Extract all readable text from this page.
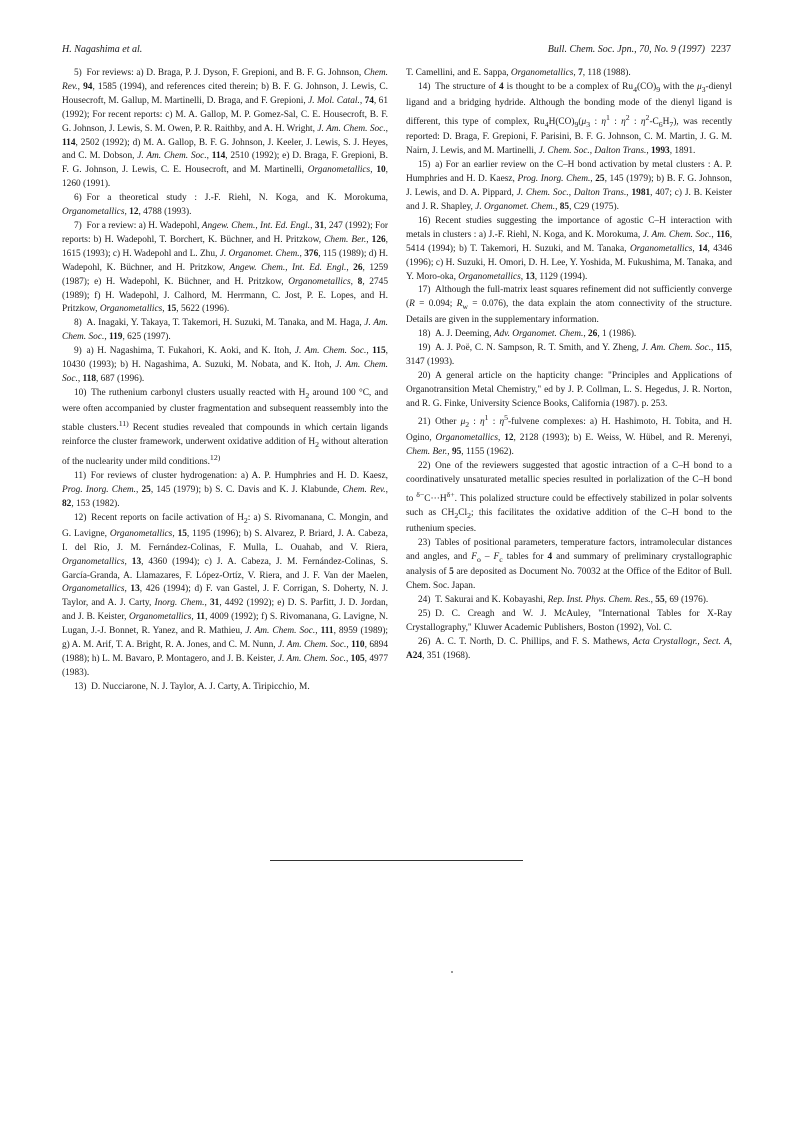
H. Nagashima et al.	Bull. Chem. Soc. Jpn., 70, No. 9 (1997) 2237

5) For reviews: a) D. Braga, P. J. Dyson, F. Grepioni, and B. F. G. Johnson, Chem. Rev., 94, 1585 (1994), and references cited therein; b) B. F. G. Johnson, J. Lewis, C. Housecroft, M. Gallup, M. Martinelli, D. Braga, and F. Grepioni, J. Mol. Catal., 74, 61 (1992); For recent reports: c) M. A. Gallop, M. P. Gomez-Sal, C. E. Housecroft, B. F. G. Johnson, J. Lewis, S. M. Owen, P. R. Raithby, and A. H. Wright, J. Am. Chem. Soc., 114, 2502 (1992); d) M. A. Gallop, B. F. G. Johnson, J. Keeler, J. Lewis, S. J. Heyes, and C. M. Dobson, J. Am. Chem. Soc., 114, 2510 (1992); e) D. Braga, F. Grepioni, B. F. G. Johnson, J. Lewis, C. E. Housecroft, and M. Martinelli, Organometallics, 10, 1260 (1991).

6) For a theoretical study : J.-F. Riehl, N. Koga, and K. Morokuma, Organometallics, 12, 4788 (1993).

7) For a review: a) H. Wadepohl, Angew. Chem., Int. Ed. Engl., 31, 247 (1992); For reports: b) H. Wadepohl, T. Borchert, K. Büchner, and H. Pritzkow, Chem. Ber., 126, 1615 (1993); c) H. Wadepohl and L. Zhu, J. Organomet. Chem., 376, 115 (1989); d) H. Wadepohl, K. Büchner, and H. Pritzkow, Angew. Chem., Int. Ed. Engl., 26, 1259 (1987); e) H. Wadepohl, K. Büchner, and H. Pritzkow, Organometallics, 8, 2745 (1989); f) H. Wadepohl, J. Calhord, M. Herrmann, C. Jost, P. E. Lopes, and H. Pritzkow, Organometallics, 15, 5622 (1996).

8) A. Inagaki, Y. Takaya, T. Takemori, H. Suzuki, M. Tanaka, and M. Haga, J. Am. Chem. Soc., 119, 625 (1997).

9) a) H. Nagashima, T. Fukahori, K. Aoki, and K. Itoh, J. Am. Chem. Soc., 115, 10430 (1993); b) H. Nagashima, A. Suzuki, M. Nobata, and K. Itoh, J. Am. Chem. Soc., 118, 687 (1996).

10) The ruthenium carbonyl clusters usually reacted with $H_2$ around 100 °C, and were often accompanied by cluster fragmentation and subsequent reassembly into the stable clusters.$^{11)}$ Recent studies revealed that compounds in which certain ligands reinforce the cluster framework, underwent oxidative addition of $H_2$ without alteration of the nuclearity under mild conditions.$^{12)}$

11) For reviews of cluster hydrogenation: a) A. P. Humphries and H. D. Kaesz, Prog. Inorg. Chem., 25, 145 (1979); b) S. C. Davis and K. J. Klabunde, Chem. Rev., 82, 153 (1982).

12) Recent reports on facile activation of $H_2$: a) S. Rivomanana, C. Mongin, and G. Lavigne, Organometallics, 15, 1195 (1996); b) S. Alvarez, P. Briard, J. A. Cabeza, I. del Rio, J. M. Fernández-Colinas, F. Mulla, L. Ouahab, and V. Riera, Organometallics, 13, 4360 (1994); c) J. A. Cabeza, J. M. Fernández-Colinas, S. García-Granda, A. Llamazares, F. López-Ortíz, V. Riera, and J. F. Van der Maelen, Organometallics, 13, 426 (1994); d) F. van Gastel, J. F. Corrigan, S. Doherty, N. J. Taylor, and A. J. Carty, Inorg. Chem., 31, 4492 (1992); e) D. S. Parfitt, J. D. Jordan, and J. B. Keister, Organometallics, 11, 4009 (1992); f) S. Rivomanana, G. Lavigne, N. Lugan, J.-J. Bonnet, R. Yanez, and R. Mathieu, J. Am. Chem. Soc., 111, 8959 (1989); g) A. M. Arif, T. A. Bright, R. A. Jones, and C. M. Nunn, J. Am. Chem. Soc., 110, 6894 (1988); h) L. M. Bavaro, P. Montagero, and J. B. Keister, J. Am. Chem. Soc., 105, 4977 (1983).

13) D. Nucciarone, N. J. Taylor, A. J. Carty, A. Tiripicchio, M.

T. Camellini, and E. Sappa, Organometallics, 7, 118 (1988).

14) The structure of 4 is thought to be a complex of $Ru_4(CO)_9$ with the $\mu_3$-dienyl ligand and a bridging hydride. Although the bonding mode of the dienyl ligand is different, this type of complex, $Ru_4H(CO)_9(\mu_3$ : $\eta^1$ : $\eta^2$ : $\eta^2-C_6H_7$), was recently reported: D. Braga, F. Grepioni, F. Parisini, B. F. G. Johnson, C. M. Martin, J. G. M. Nairn, J. Lewis, and M. Martinelli, J. Chem. Soc., Dalton Trans., 1993, 1891.

15) a) For an earlier review on the C–H bond activation by metal clusters : A. P. Humphries and H. D. Kaesz, Prog. Inorg. Chem., 25, 145 (1979); b) B. F. G. Johnson, J. Lewis, and D. A. Pippard, J. Chem. Soc., Dalton Trans., 1981, 407; c) J. B. Keister and J. R. Shapley, J. Organomet. Chem., 85, C29 (1975).

16) Recent studies suggesting the importance of agostic C–H interaction with metals in clusters : a) J.-F. Riehl, N. Koga, and K. Morokuma, J. Am. Chem. Soc., 116, 5414 (1994); b) T. Takemori, H. Suzuki, and M. Tanaka, Organometallics, 14, 4346 (1996); c) H. Suzuki, H. Omori, D. H. Lee, Y. Yoshida, M. Fukushima, M. Tanaka, and Y. Moro-oka, Organometallics, 13, 1129 (1994).

17) Although the full-matrix least squares refinement did not sufficiently converge (R = 0.094; $R_w = 0.076$), the data explain the atom connectivity of the structure. Details are given in the supplementary information.

18) A. J. Deeming, Adv. Organomet. Chem., 26, 1 (1986).

19) A. J. Poë, C. N. Sampson, R. T. Smith, and Y. Zheng, J. Am. Chem. Soc., 115, 3147 (1993).

20) A general article on the hapticity change: "Principles and Applications of Organotransition Metal Chemistry," ed by J. P. Collman, L. S. Hegedus, J. R. Norton, and R. G. Finke, University Science Books, California (1987). p. 253.

21) Other $\mu_2$ : $\eta^1$ : $\eta^5$-fulvene complexes: a) H. Hashimoto, H. Tobita, and H. Ogino, Organometallics, 12, 2128 (1993); b) E. Weiss, W. Hübel, and R. Merenyi, Chem. Ber., 95, 1155 (1962).

22) One of the reviewers suggested that agostic intraction of a C–H bond to a coordinatively unsaturated metallic species resulted in porlalization of the C–H bond to $^{\delta-}C\cdot\cdot\cdot H^{\delta+}$. This polalized structure could be effectively stabilized in polar solvents such as $CH_2Cl_2$; this facilitates the oxidative addition of the C–H bond to the ruthenium species.

23) Tables of positional parameters, temperature factors, intramolecular distances and angles, and $F_o - F_c$ tables for 4 and summary of preliminary crystallographic analysis of 5 are deposited as Document No. 70032 at the Office of the Editor of Bull. Chem. Soc. Japan.

24) T. Sakurai and K. Kobayashi, Rep. Inst. Phys. Chem. Res., 55, 69 (1976).

25) D. C. Creagh and W. J. McAuley, "International Tables for X-Ray Crystallography," Kluwer Academic Publishers, Boston (1992), Vol. C.

26) A. C. T. North, D. C. Phillips, and F. S. Mathews, Acta Crystallogr., Sect. A, A24, 351 (1968).
